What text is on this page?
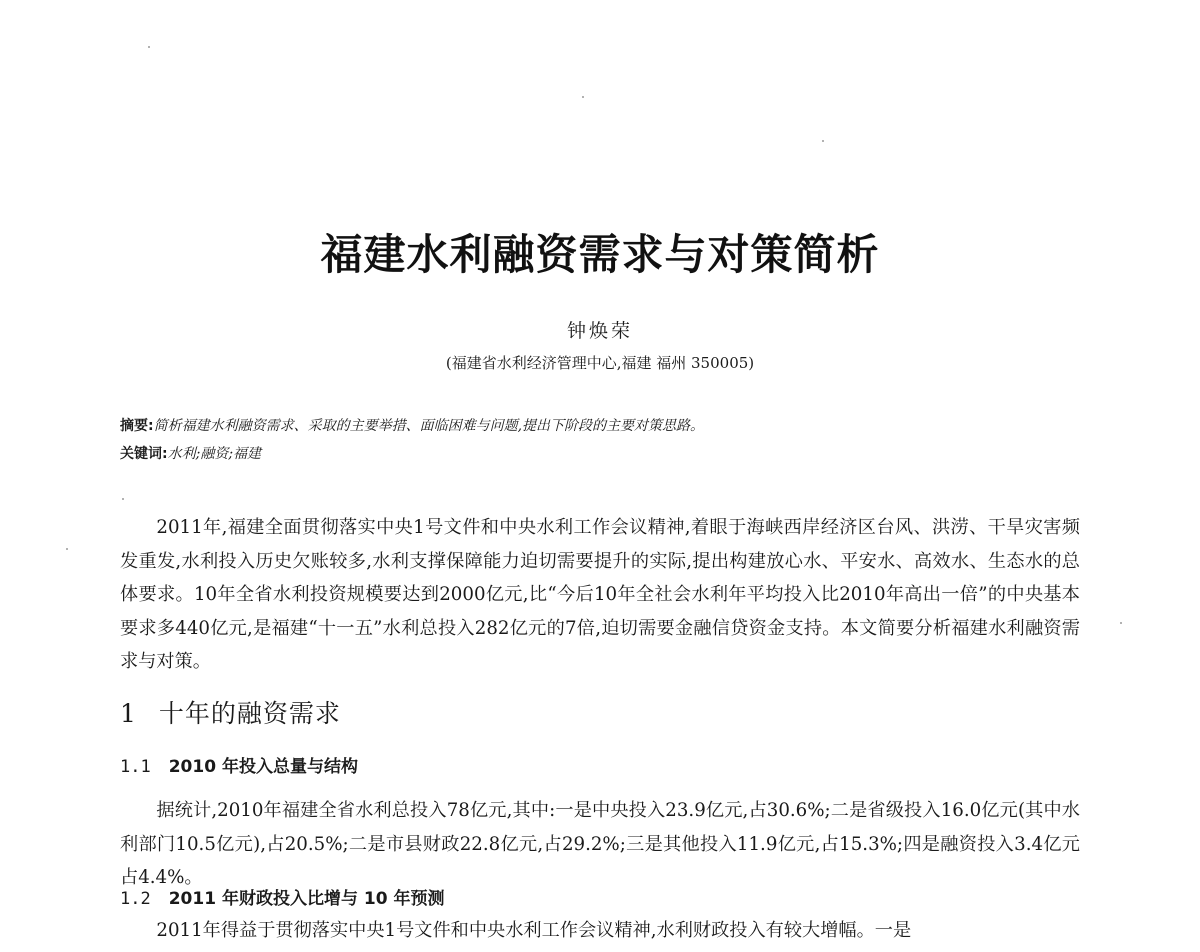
福建水利融资需求与对策简析
钟焕荣
(福建省水利经济管理中心,福建 福州 350005)
摘要:简析福建水利融资需求、采取的主要举措、面临困难与问题,提出下阶段的主要对策思路。
关键词:水利;融资;福建

2011年,福建全面贯彻落实中央1号文件和中央水利工作会议精神,着眼于海峡西岸经济区台风、洪涝、干旱灾害频发重发,水利投入历史欠账较多,水利支撑保障能力迫切需要提升的实际,提出构建放心水、平安水、高效水、生态水的总体要求。10年全省水利投资规模要达到2000亿元,比“今后10年全社会水利年平均投入比2010年高出一倍”的中央基本要求多440亿元,是福建“十一五”水利总投入282亿元的7倍,迫切需要金融信贷资金支持。本文简要分析福建水利融资需求与对策。

1 十年的融资需求
1.1 2010 年投入总量与结构

据统计,2010年福建全省水利总投入78亿元,其中:一是中央投入23.9亿元,占30.6%;二是省级投入16.0亿元(其中水利部门10.5亿元),占20.5%;二是市县财政22.8亿元,占29.2%;三是其他投入11.9亿元,占15.3%;四是融资投入3.4亿元占4.4%。

1.2 2011 年财政投入比增与 10 年预测

2011年得益于贯彻落实中央1号文件和中央水利工作会议精神,水利财政投入有较大增幅。一是
